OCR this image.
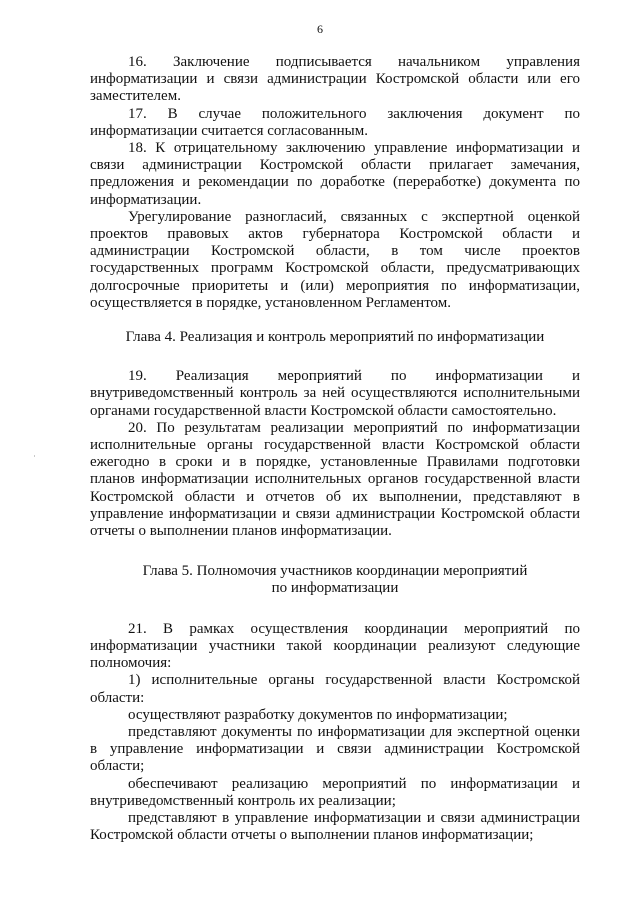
6

16. Заключение подписывается начальником управления информатизации и связи администрации Костромской области или его заместителем.

17. В случае положительного заключения документ по информатизации считается согласованным.

18. К отрицательному заключению управление информатизации и связи администрации Костромской области прилагает замечания, предложения и рекомендации по доработке (переработке) документа по информатизации.

Урегулирование разногласий, связанных с экспертной оценкой проектов правовых актов губернатора Костромской области и администрации Костромской области, в том числе проектов государственных программ Костромской области, предусматривающих долгосрочные приоритеты и (или) мероприятия по информатизации, осуществляется в порядке, установленном Регламентом.

Глава 4. Реализация и контроль мероприятий по информатизации

19. Реализация мероприятий по информатизации и внутриведомственный контроль за ней осуществляются исполнительными органами государственной власти Костромской области самостоятельно.

20. По результатам реализации мероприятий по информатизации исполнительные органы государственной власти Костромской области ежегодно в сроки и в порядке, установленные Правилами подготовки планов информатизации исполнительных органов государственной власти Костромской области и отчетов об их выполнении, представляют в управление информатизации и связи администрации Костромской области отчеты о выполнении планов информатизации.

Глава 5. Полномочия участников координации мероприятий
по информатизации

21. В рамках осуществления координации мероприятий по информатизации участники такой координации реализуют следующие полномочия:

1) исполнительные органы государственной власти Костромской области:

осуществляют разработку документов по информатизации;

представляют документы по информатизации для экспертной оценки в управление информатизации и связи администрации Костромской области;

обеспечивают реализацию мероприятий по информатизации и внутриведомственный контроль их реализации;

представляют в управление информатизации и связи администрации Костромской области отчеты о выполнении планов информатизации;
